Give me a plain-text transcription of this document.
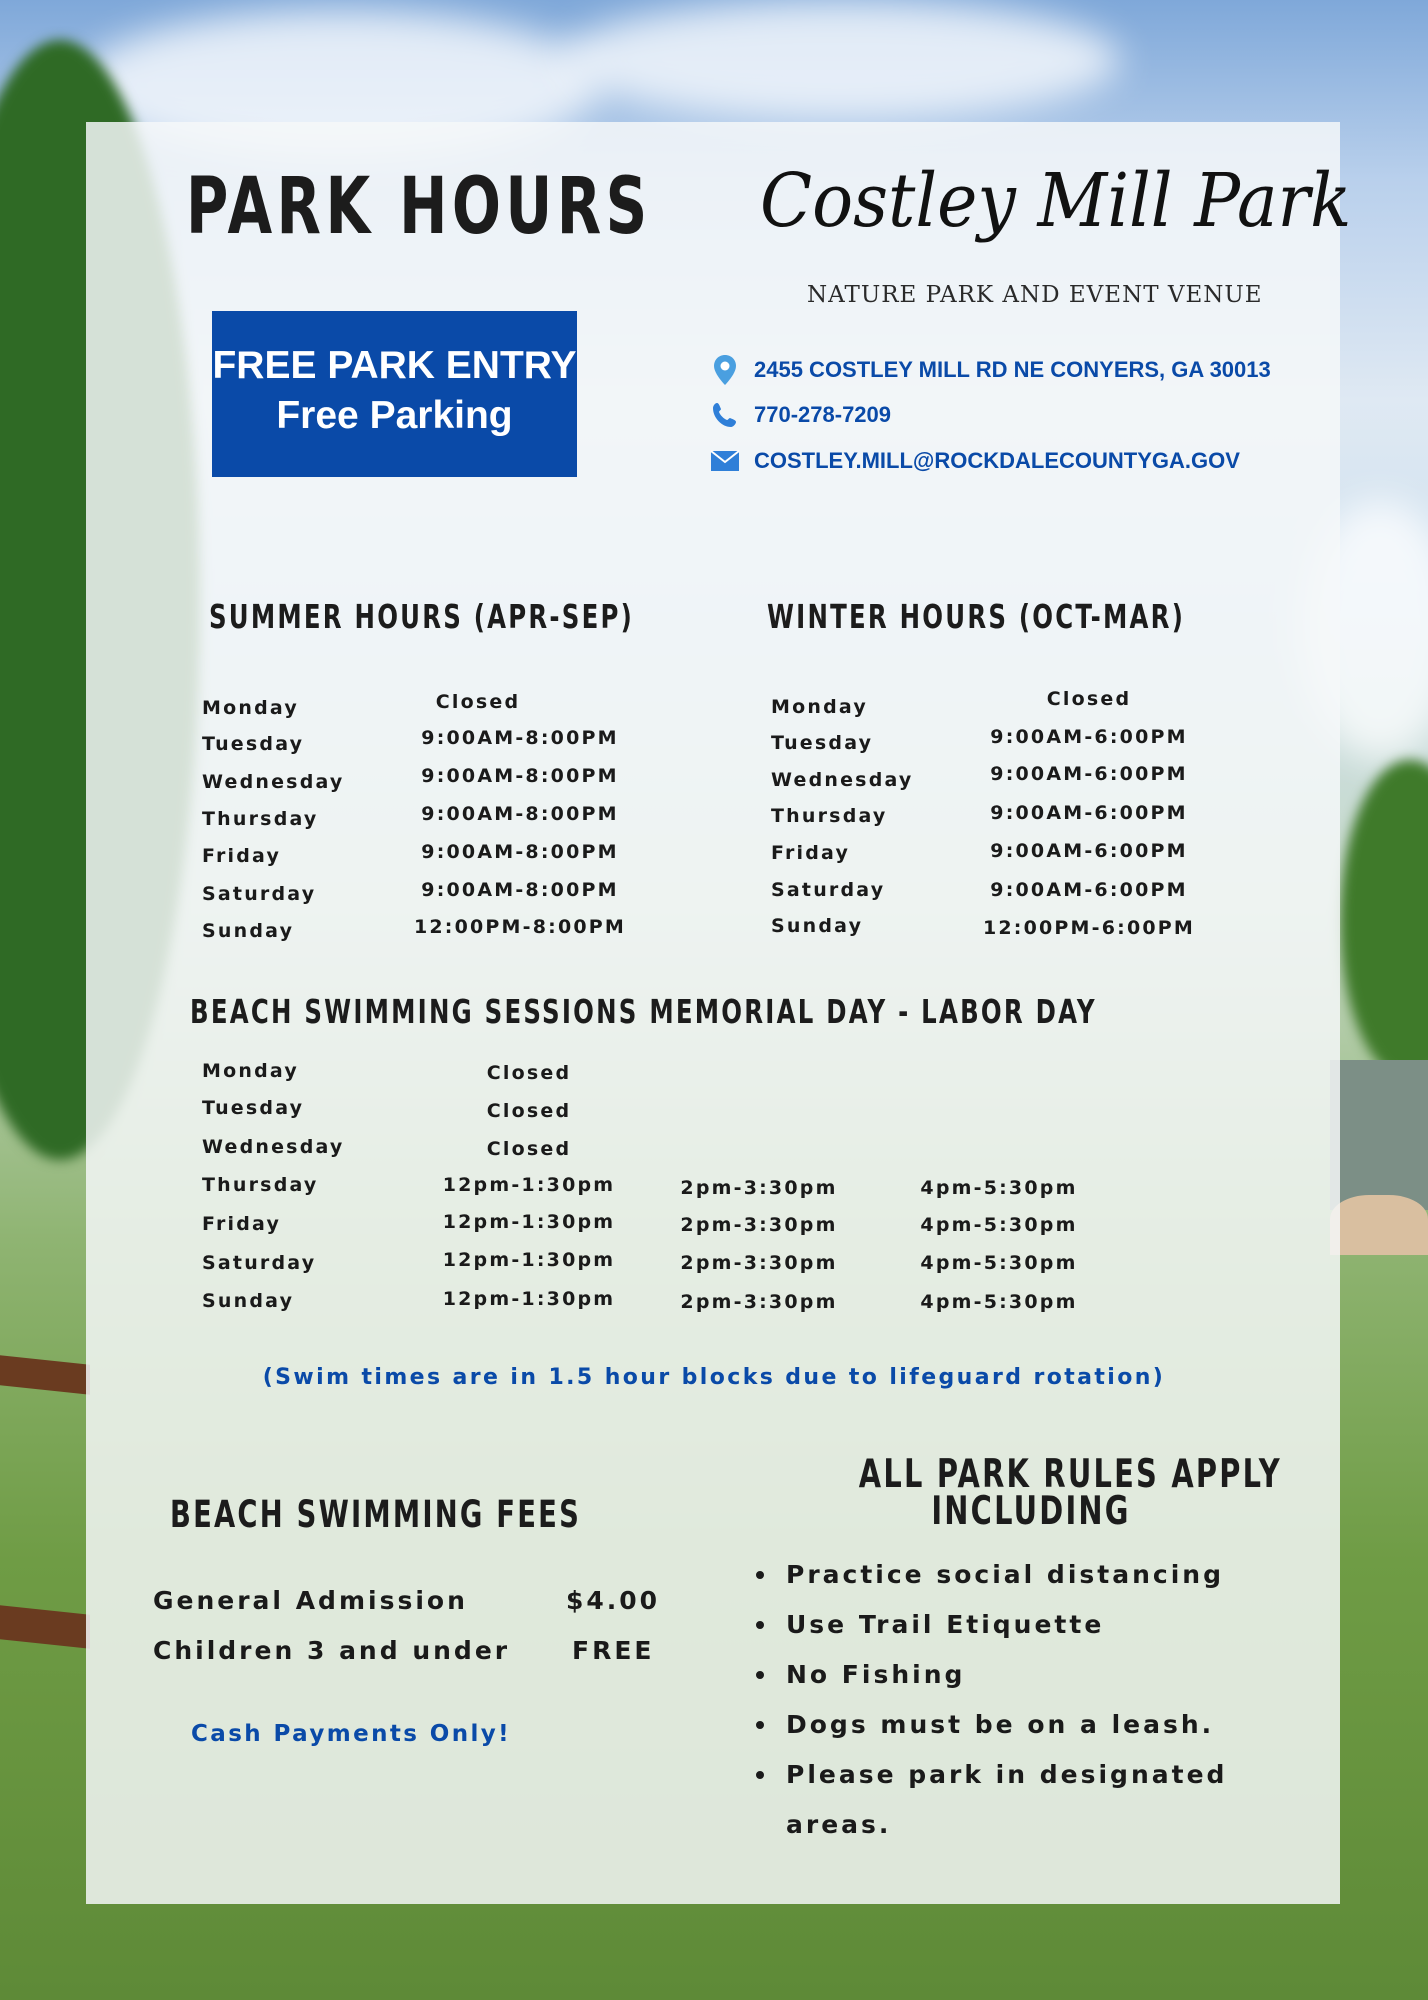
PARK HOURS
FREE PARK ENTRY
Free Parking
Costley Mill Park
NATURE PARK AND EVENT VENUE
2455 COSTLEY MILL RD NE CONYERS, GA 30013
770-278-7209
COSTLEY.MILL@ROCKDALECOUNTYGA.GOV
SUMMER HOURS (APR-SEP)
Monday	Closed
Tuesday	9:00AM-8:00PM
Wednesday	9:00AM-8:00PM
Thursday	9:00AM-8:00PM
Friday	9:00AM-8:00PM
Saturday	9:00AM-8:00PM
Sunday	12:00PM-8:00PM
WINTER HOURS (OCT-MAR)
Monday	Closed
Tuesday	9:00AM-6:00PM
Wednesday	9:00AM-6:00PM
Thursday	9:00AM-6:00PM
Friday	9:00AM-6:00PM
Saturday	9:00AM-6:00PM
Sunday	12:00PM-6:00PM
BEACH SWIMMING SESSIONS MEMORIAL DAY - LABOR DAY
Monday	Closed
Tuesday	Closed
Wednesday	Closed
Thursday	12pm-1:30pm	2pm-3:30pm	4pm-5:30pm
Friday	12pm-1:30pm	2pm-3:30pm	4pm-5:30pm
Saturday	12pm-1:30pm	2pm-3:30pm	4pm-5:30pm
Sunday	12pm-1:30pm	2pm-3:30pm	4pm-5:30pm
(Swim times are in 1.5 hour blocks due to lifeguard rotation)
BEACH SWIMMING FEES
General Admission	$4.00
Children 3 and under FREE
Cash Payments Only!
ALL PARK RULES APPLY
INCLUDING
Practice social distancing
Use Trail Etiquette
No Fishing
Dogs must be on a leash.
Please park in designated areas.
